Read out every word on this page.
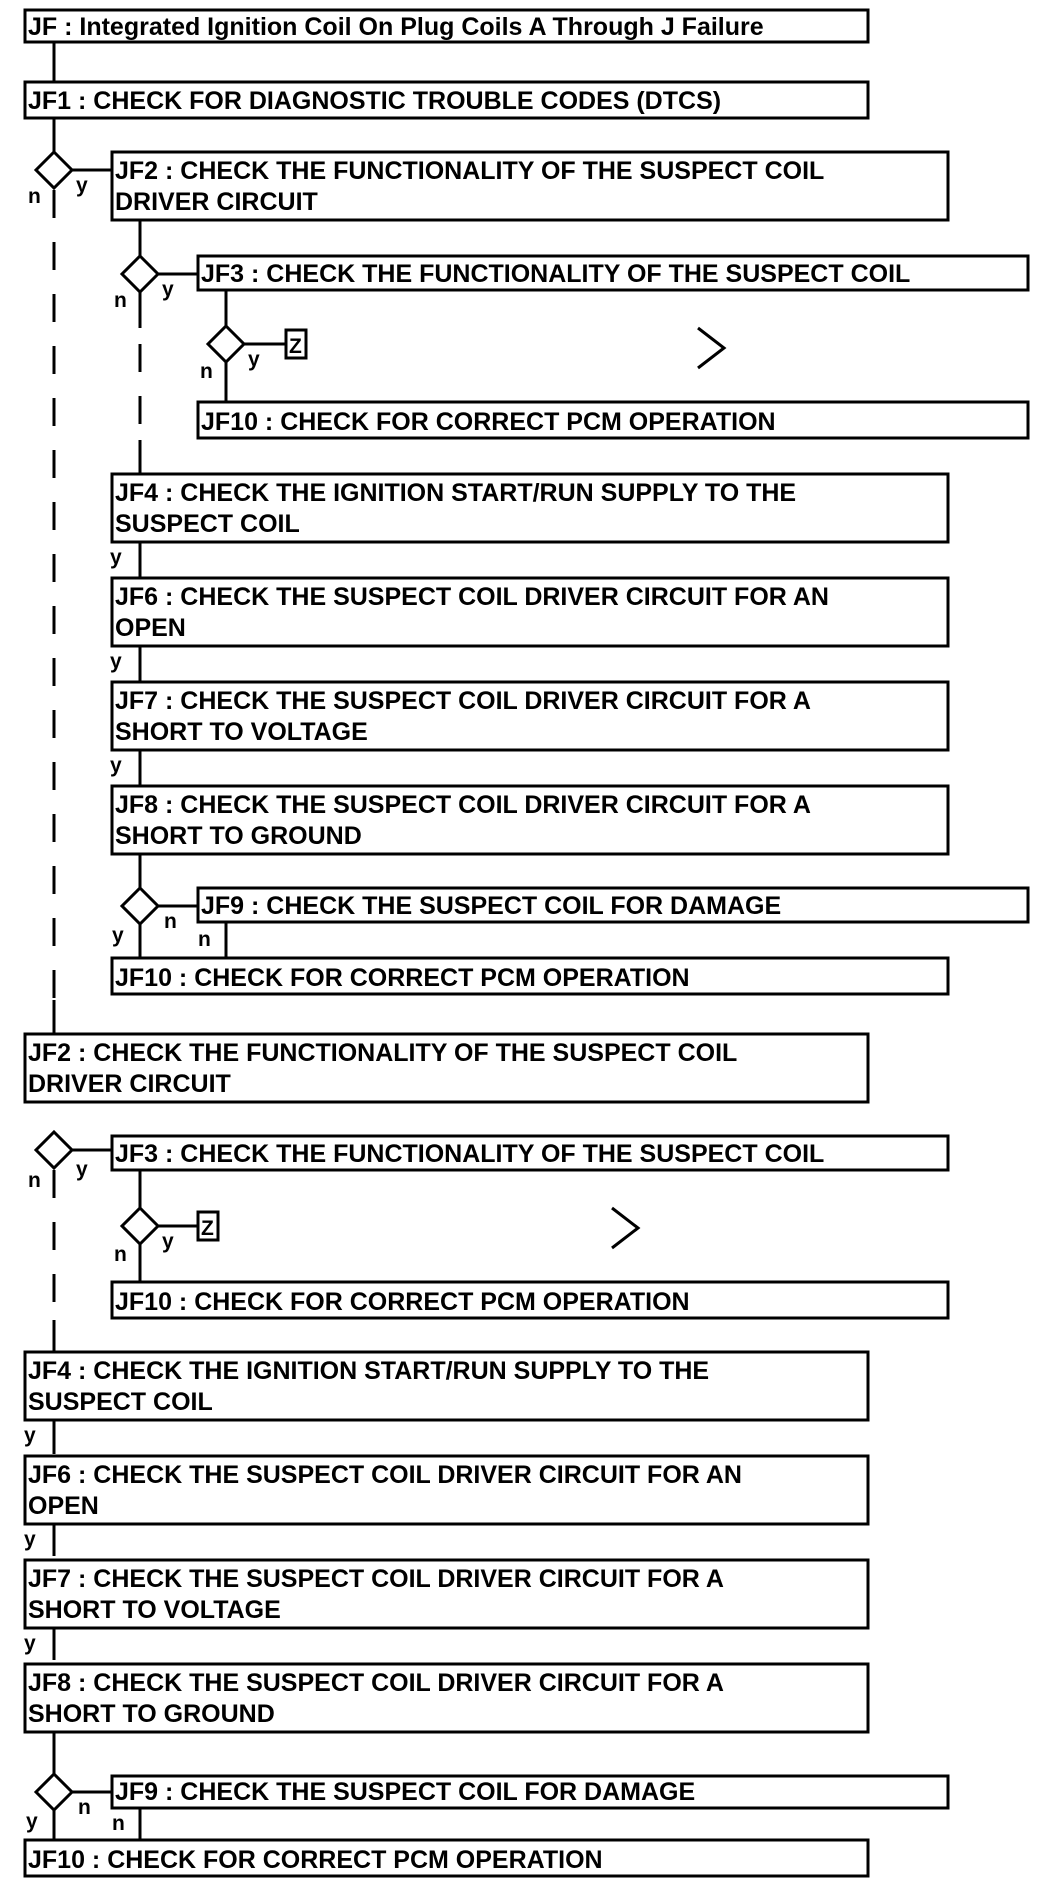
JF : Integrated Ignition Coil On Plug Coils A Through J Failure
JF1 : CHECK FOR DIAGNOSTIC TROUBLE CODES (DTCS)
JF2 : CHECK THE FUNCTIONALITY OF THE SUSPECT COIL
DRIVER CIRCUIT
JF3 : CHECK THE FUNCTIONALITY OF THE SUSPECT COIL
JF10 : CHECK FOR CORRECT PCM OPERATION
JF4 : CHECK THE IGNITION START/RUN SUPPLY TO THE
SUSPECT COIL
JF6 : CHECK THE SUSPECT COIL DRIVER CIRCUIT FOR AN
OPEN
JF7 : CHECK THE SUSPECT COIL DRIVER CIRCUIT FOR A
SHORT TO VOLTAGE
JF8 : CHECK THE SUSPECT COIL DRIVER CIRCUIT FOR A
SHORT TO GROUND
JF9 : CHECK THE SUSPECT COIL FOR DAMAGE
JF10 : CHECK FOR CORRECT PCM OPERATION
JF2 : CHECK THE FUNCTIONALITY OF THE SUSPECT COIL
DRIVER CIRCUIT
JF3 : CHECK THE FUNCTIONALITY OF THE SUSPECT COIL
JF10 : CHECK FOR CORRECT PCM OPERATION
JF4 : CHECK THE IGNITION START/RUN SUPPLY TO THE
SUSPECT COIL
JF6 : CHECK THE SUSPECT COIL DRIVER CIRCUIT FOR AN
OPEN
JF7 : CHECK THE SUSPECT COIL DRIVER CIRCUIT FOR A
SHORT TO VOLTAGE
JF8 : CHECK THE SUSPECT COIL DRIVER CIRCUIT FOR A
SHORT TO GROUND
JF9 : CHECK THE SUSPECT COIL FOR DAMAGE
JF10 : CHECK FOR CORRECT PCM OPERATION
Z
Z
n y
n y
n
y
y
y
y
y
n
n
n y
n
y
y
y
y
y
n
n
